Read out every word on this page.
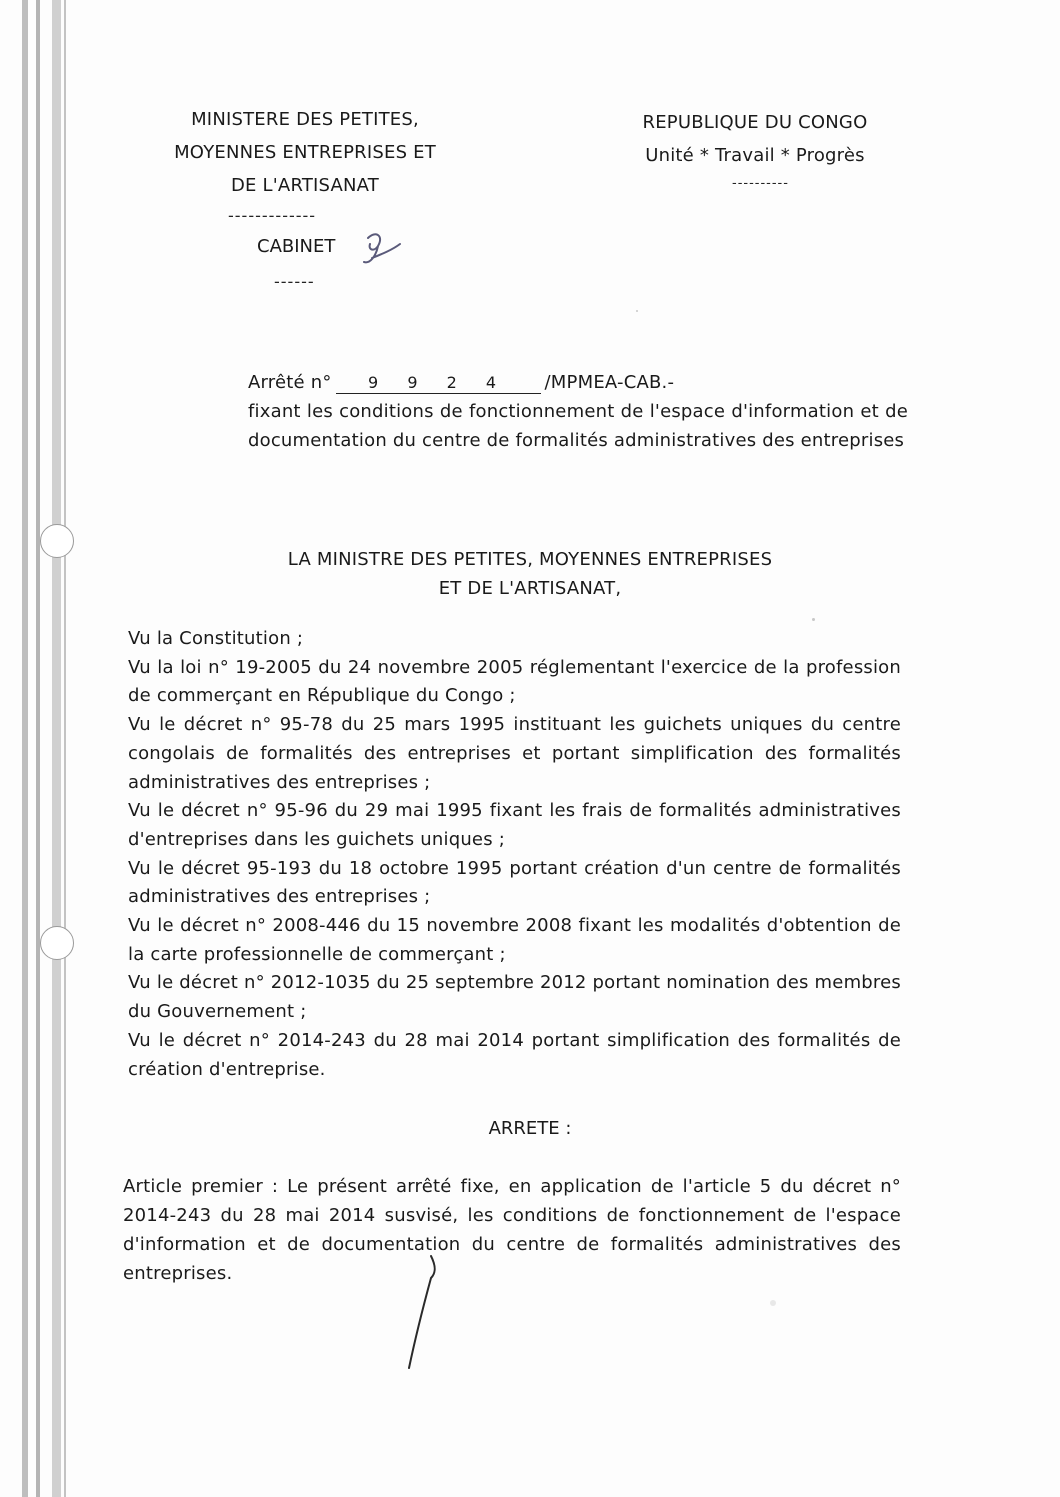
MINISTERE DES PETITES,
MOYENNES ENTREPRISES ET
DE L'ARTISANAT
-------------
CABINET
------
REPUBLIQUE DU CONGO
Unité * Travail * Progrès
----------
Arrêté n° 9 9 2 4 /MPMEA-CAB.-
fixant les conditions de fonctionnement de l'espace d'information et de documentation du centre de formalités administratives des entreprises
LA MINISTRE DES PETITES, MOYENNES ENTREPRISES
ET DE L'ARTISANAT,

Vu la Constitution ;

Vu la loi n° 19-2005 du 24 novembre 2005 réglementant l'exercice de la profession de commerçant en République du Congo ;

Vu le décret n° 95-78 du 25 mars 1995 instituant les guichets uniques du centre congolais de formalités des entreprises et portant simplification des formalités administratives des entreprises ;

Vu le décret n° 95-96 du 29 mai 1995 fixant les frais de formalités administratives d'entreprises dans les guichets uniques ;

Vu le décret 95-193 du 18 octobre 1995 portant création d'un centre de formalités administratives des entreprises ;

Vu le décret n° 2008-446 du 15 novembre 2008 fixant les modalités d'obtention de la carte professionnelle de commerçant ;

Vu le décret n° 2012-1035 du 25 septembre 2012 portant nomination des membres du Gouvernement ;

Vu le décret n° 2014-243 du 28 mai 2014 portant simplification des formalités de création d'entreprise.

ARRETE :
Article premier : Le présent arrêté fixe, en application de l'article 5 du décret n° 2014-243 du 28 mai 2014 susvisé, les conditions de fonctionnement de l'espace d'information et de documentation du centre de formalités administratives des entreprises.
